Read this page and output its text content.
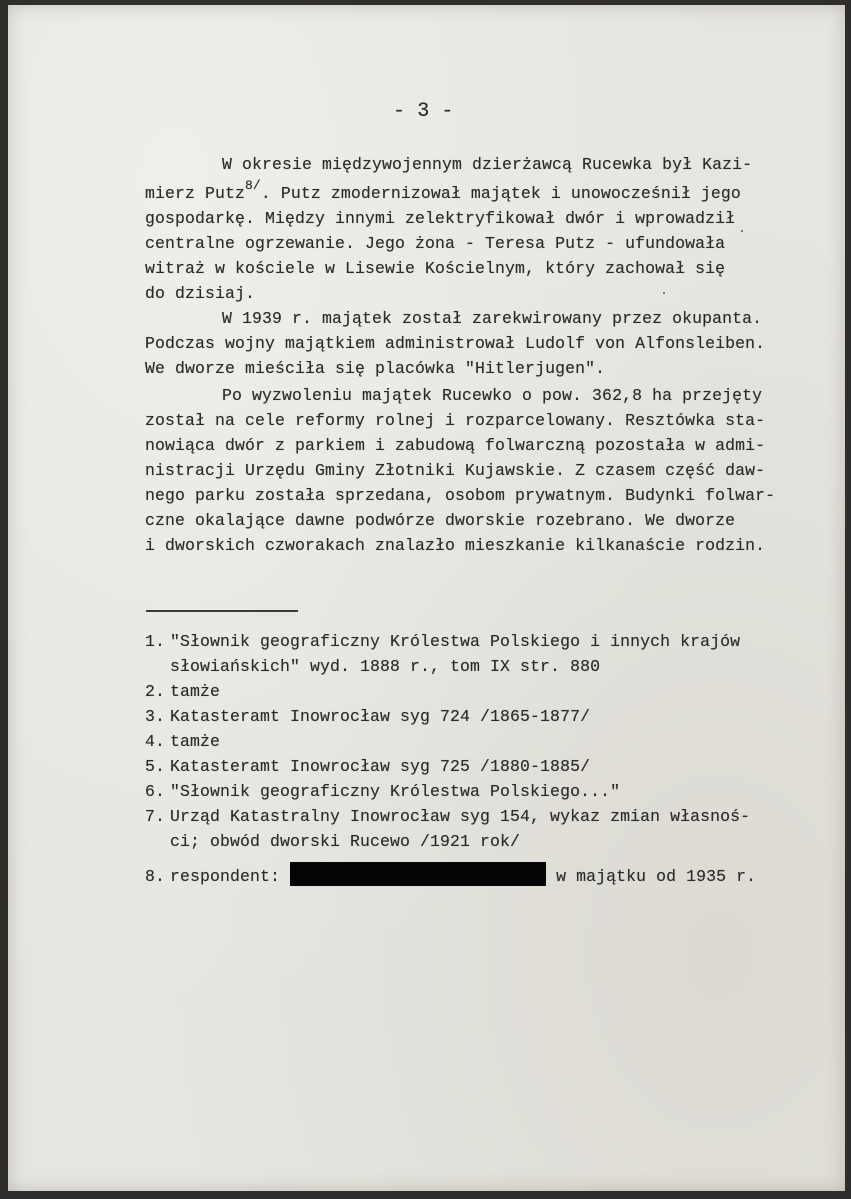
- 3 -

W okresie międzywojennym dzierżawcą Rucewka był Kazi-

mierz Putz$^{8/}$. Putz zmodernizował majątek i unowocześnił jego

gospodarkę. Między innymi zelektryfikował dwór i wprowadził

centralne ogrzewanie. Jego żona - Teresa Putz - ufundowała

witraż w kościele w Lisewie Kościelnym, który zachował się

do dzisiaj.

W 1939 r. majątek został zarekwirowany przez okupanta.

Podczas wojny majątkiem administrował Ludolf von Alfonsleiben.

We dworze mieściła się placówka "Hitlerjugen".

Po wyzwoleniu majątek Rucewko o pow. 362,8 ha przejęty

został na cele reformy rolnej i rozparcelowany. Resztówka sta-

nowiąca dwór z parkiem i zabudową folwarczną pozostała w admi-

nistracji Urzędu Gminy Złotniki Kujawskie. Z czasem część daw-

nego parku została sprzedana, osobom prywatnym. Budynki folwar-

czne okalające dawne podwórze dworskie rozebrano. We dworze

i dworskich czworakach znalazło mieszkanie kilkanaście rodzin.

1. "Słownik geograficzny Królestwa Polskiego i innych krajów

słowiańskich" wyd. 1888 r., tom IX str. 880

2. tamże

3. Katasteramt Inowrocław syg 724 /1865-1877/

4. tamże

5. Katasteramt Inowrocław syg 725 /1880-1885/

6. "Słownik geograficzny Królestwa Polskiego..."

7. Urząd Katastralny Inowrocław syg 154, wykaz zmian własnoś-

ci; obwód dworski Rucewo /1921 rok/

8. respondent:	w majątku od 1935 r.
